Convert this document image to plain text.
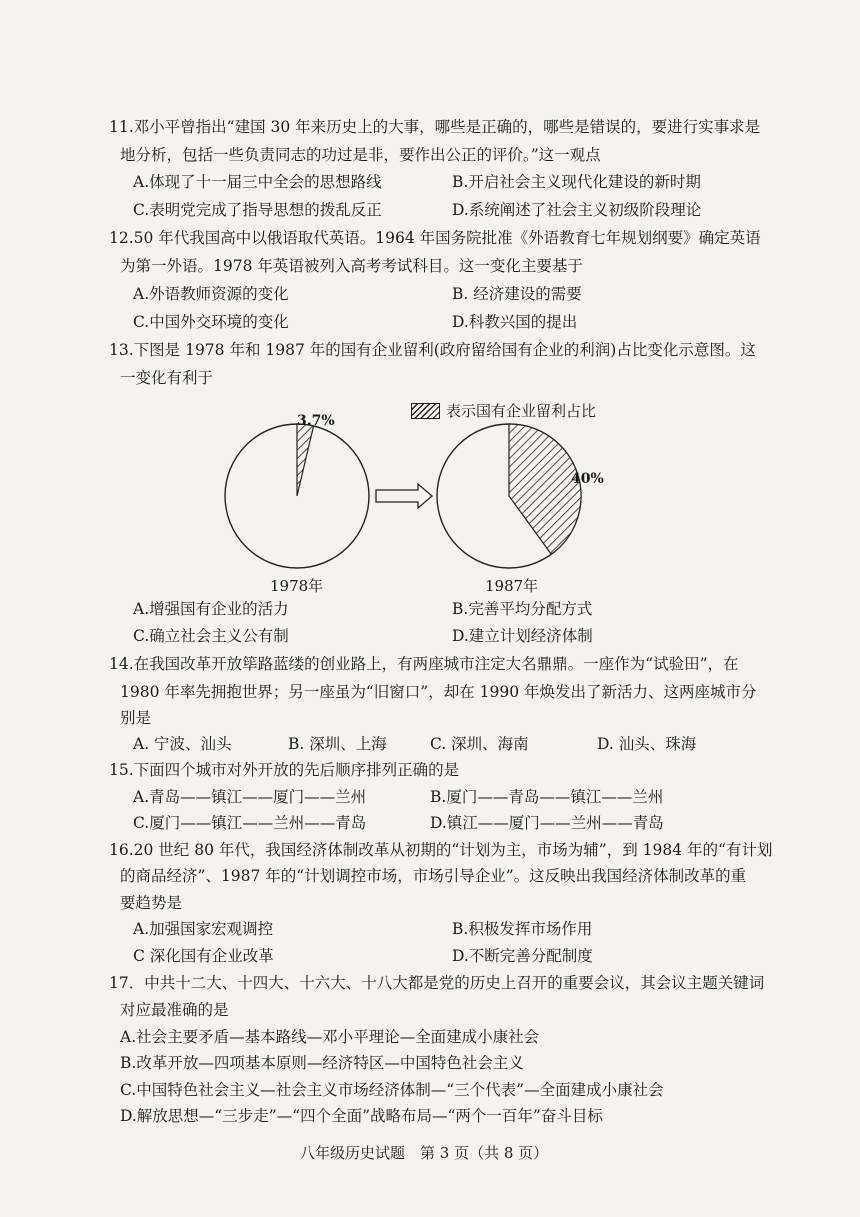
11.邓小平曾指出“建国 30 年来历史上的大事，哪些是正确的，哪些是错误的，要进行实事求是
地分析，包括一些负责同志的功过是非，要作出公正的评价。”这一观点
A.体现了十一届三中全会的思想路线	B.开启社会主义现代化建设的新时期
C.表明党完成了指导思想的拨乱反正	D.系统阐述了社会主义初级阶段理论
12.50 年代我国高中以俄语取代英语。1964 年国务院批准《外语教育七年规划纲要》确定英语
为第一外语。1978 年英语被列入高考考试科目。这一变化主要基于
A.外语教师资源的变化	B. 经济建设的需要
C.中国外交环境的变化	D.科教兴国的提出
13.下图是 1978 年和 1987 年的国有企业留利(政府留给国有企业的利润)占比变化示意图。这
一变化有利于
表示国有企业留利占比
3.7%
40%
1978年	1987年
A.增强国有企业的活力	B.完善平均分配方式
C.确立社会主义公有制	D.建立计划经济体制
14.在我国改革开放筚路蓝缕的创业路上，有两座城市注定大名鼎鼎。一座作为“试验田”，在
1980 年率先拥抱世界；另一座虽为“旧窗口”，却在 1990 年焕发出了新活力、这两座城市分
别是
A. 宁波、汕头	B. 深圳、上海	C. 深圳、海南	D. 汕头、珠海
15.下面四个城市对外开放的先后顺序排列正确的是
A.青岛——镇江——厦门——兰州	B.厦门——青岛——镇江——兰州
C.厦门——镇江——兰州——青岛	D.镇江——厦门——兰州——青岛
16.20 世纪 80 年代，我国经济体制改革从初期的“计划为主，市场为辅”，到 1984 年的“有计划
的商品经济”、1987 年的“计划调控市场，市场引导企业”。这反映出我国经济体制改革的重
要趋势是
A.加强国家宏观调控	B.积极发挥市场作用
C 深化国有企业改革	D.不断完善分配制度
17．中共十二大、十四大、十六大、十八大都是党的历史上召开的重要会议，其会议主题关键词
对应最准确的是
A.社会主要矛盾—基本路线—邓小平理论—全面建成小康社会
B.改革开放—四项基本原则—经济特区—中国特色社会主义
C.中国特色社会主义—社会主义市场经济体制—“三个代表”—全面建成小康社会
D.解放思想—“三步走”—“四个全面”战略布局—“两个一百年”奋斗目标
八年级历史试题　第 3 页（共 8 页）
